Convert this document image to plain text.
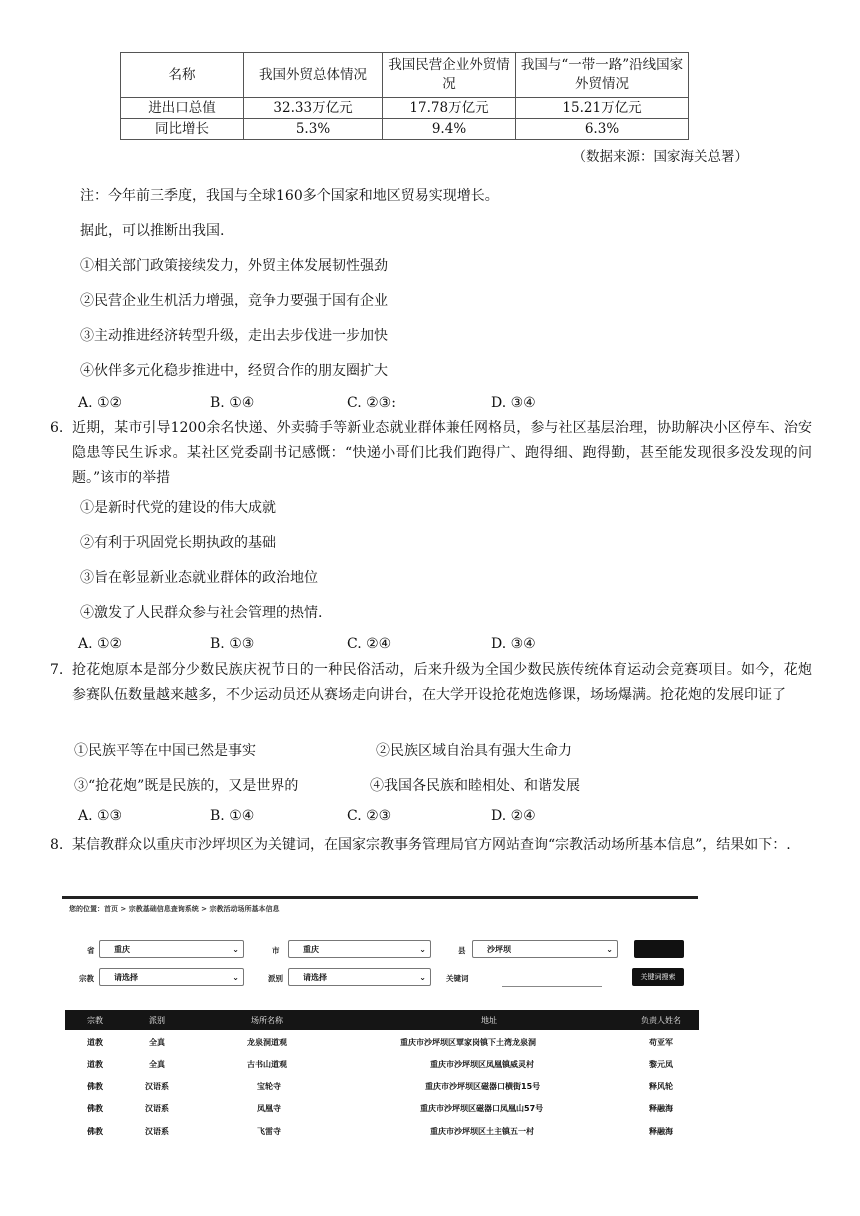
名称	我国外贸总体情况	我国民营企业外贸情况	我国与“一带一路”沿线国家外贸情况
进出口总值	32.33万亿元	17.78万亿元	15.21万亿元
同比增长	5.3%	9.4%	6.3%
（数据来源：国家海关总署）
注：今年前三季度，我国与全球160多个国家和地区贸易实现增长。
据此，可以推断出我国.
①相关部门政策接续发力，外贸主体发展韧性强劲
②民营企业生机活力增强，竞争力要强于国有企业
③主动推进经济转型升级，走出去步伐进一步加快
④伙伴多元化稳步推进中，经贸合作的朋友圈扩大
A. ①②	B. ①④	C. ②③:	D. ③④
6. 近期，某市引导1200余名快递、外卖骑手等新业态就业群体兼任网格员，参与社区基层治理，协助解决小区停车、治安隐患等民生诉求。某社区党委副书记感慨：“快递小哥们比我们跑得广、跑得细、跑得勤，甚至能发现很多没发现的问题。”该市的举措
①是新时代党的建设的伟大成就
②有利于巩固党长期执政的基础
③旨在彰显新业态就业群体的政治地位
④激发了人民群众参与社会管理的热情.
A. ①②	B. ①③	C. ②④	D. ③④
7. 抢花炮原本是部分少数民族庆祝节日的一种民俗活动，后来升级为全国少数民族传统体育运动会竞赛项目。如今，花炮参赛队伍数量越来越多，不少运动员还从赛场走向讲台，在大学开设抢花炮选修课，场场爆满。抢花炮的发展印证了
①民族平等在中国已然是事实	②民族区域自治具有强大生命力
③“抢花炮”既是民族的，又是世界的	④我国各民族和睦相处、和谐发展
A. ①③	B. ①④	C. ②③	D. ②④
8. 某信教群众以重庆市沙坪坝区为关键词，在国家宗教事务管理局官方网站查询“宗教活动场所基本信息”，结果如下：.
您的位置：首页 > 宗教基础信息查询系统 > 宗教活动场所基本信息
省	重庆	⌄	市	重庆	⌄	县	沙坪坝	⌄
宗教	请选择	⌄	派别	请选择	⌄	关键词	关键词搜索
宗教	派别	场所名称	地址	负责人姓名
道教	全真	龙泉洞道观	重庆市沙坪坝区覃家岗镇下土湾龙泉洞	苟亚军
道教	全真	古书山道观	重庆市沙坪坝区凤凰镇威灵村	黎元凤
佛教	汉语系	宝轮寺	重庆市沙坪坝区磁器口横街15号	释风轮
佛教	汉语系	凤凰寺	重庆市沙坪坝区磁器口凤凰山57号	释融海
佛教	汉语系	飞雷寺	重庆市沙坪坝区土主镇五一村	释融海
